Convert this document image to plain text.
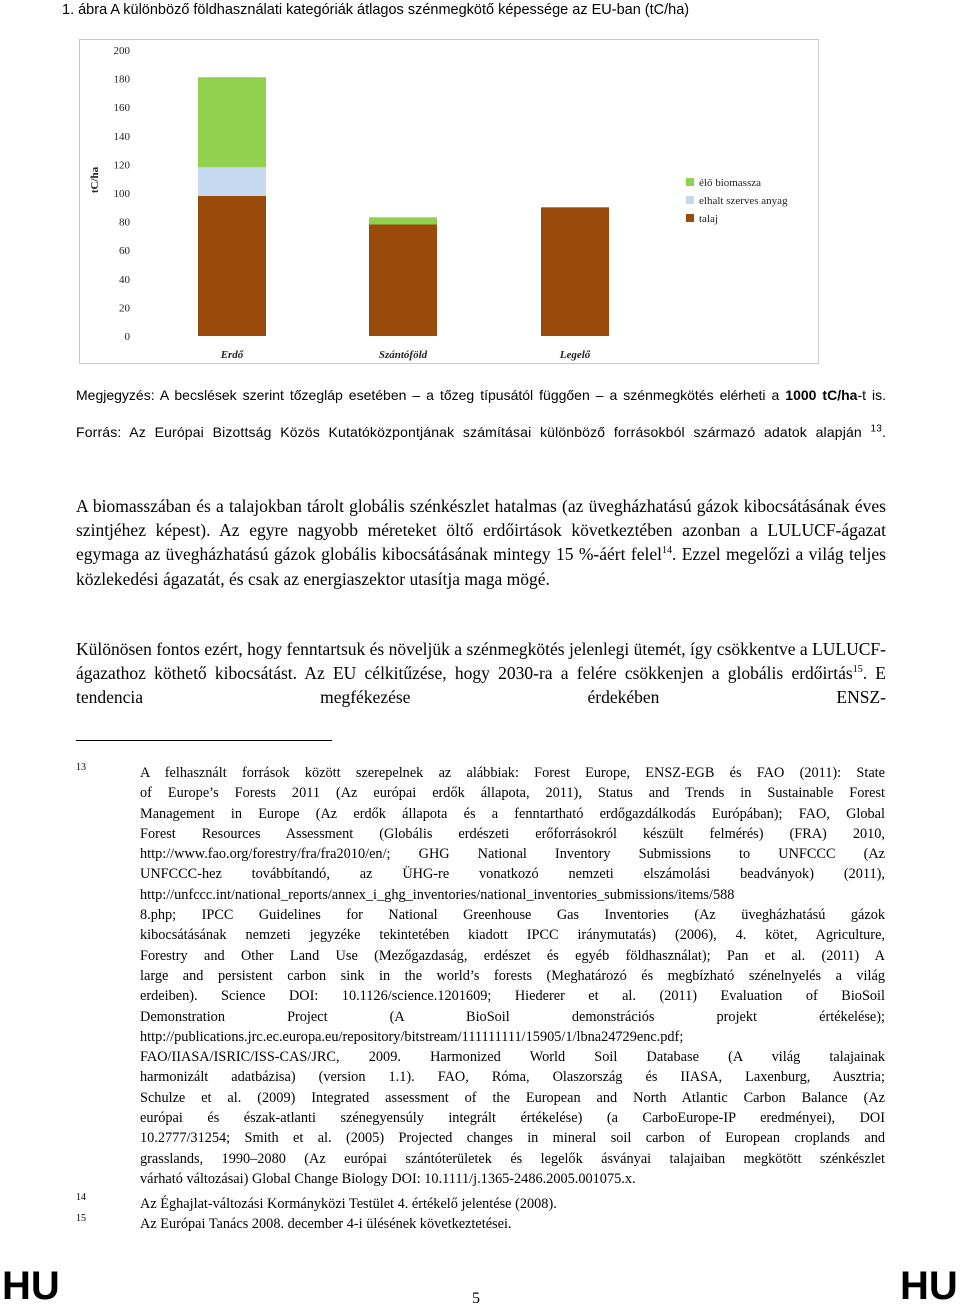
1. ábra A különböző földhasználati kategóriák átlagos szénmegkötő képessége az EU-ban (tC/ha)
tC/ha
0
20
40
60
80
100
120
140
160
180
200
Erdő	Szántóföld	Legelő
élő biomassza
elhalt szerves anyag
talaj
Megjegyzés: A becslések szerint tőzegláp esetében – a tőzeg típusától függően – a szénmegkötés elérheti a 1000 tC/ha-t is.
Forrás: Az Európai Bizottság Közös Kutatóközpontjának számításai különböző forrásokból származó adatok alapján $^{13}$.
A biomasszában és a talajokban tárolt globális szénkészlet hatalmas (az üvegházhatású gázok kibocsátásának éves szintjéhez képest). Az egyre nagyobb méreteket öltő erdőirtások következtében azonban a LULUCF-ágazat egymaga az üvegházhatású gázok globális kibocsátásának mintegy 15 %-áért felel$^{14}$. Ezzel megelőzi a világ teljes közlekedési ágazatát, és csak az energiaszektor utasítja maga mögé.
Különösen fontos ezért, hogy fenntartsuk és növeljük a szénmegkötés jelenlegi ütemét, így csökkentve a LULUCF-ágazathoz köthető kibocsátást. Az EU célkitűzése, hogy 2030-ra a felére csökkenjen a globális erdőirtás$^{15}$. E tendencia megfékezése érdekében ENSZ-
13	A felhasznált források között szerepelnek az alábbiak: Forest Europe, ENSZ-EGB és FAO (2011): State
of Europe’s Forests 2011 (Az európai erdők állapota, 2011), Status and Trends in Sustainable Forest
Management in Europe (Az erdők állapota és a fenntartható erdőgazdálkodás Európában); FAO, Global
Forest Resources Assessment (Globális erdészeti erőforrásokról készült felmérés) (FRA) 2010,
http://www.fao.org/forestry/fra/fra2010/en/; GHG National Inventory Submissions to UNFCCC (Az
UNFCCC-hez továbbítandó, az ÜHG-re vonatkozó nemzeti elszámolási beadványok) (2011),
http://unfccc.int/national_reports/annex_i_ghg_inventories/national_inventories_submissions/items/588
8.php; IPCC Guidelines for National Greenhouse Gas Inventories (Az üvegházhatású gázok
kibocsátásának nemzeti jegyzéke tekintetében kiadott IPCC iránymutatás) (2006), 4. kötet, Agriculture,
Forestry and Other Land Use (Mezőgazdaság, erdészet és egyéb földhasználat); Pan et al. (2011) A
large and persistent carbon sink in the world’s forests (Meghatározó és megbízható szénelnyelés a világ
erdeiben). Science DOI: 10.1126/science.1201609; Hiederer et al. (2011) Evaluation of BioSoil
Demonstration Project (A BioSoil demonstrációs projekt értékelése);
http://publications.jrc.ec.europa.eu/repository/bitstream/111111111/15905/1/lbna24729enc.pdf;
FAO/IIASA/ISRIC/ISS-CAS/JRC, 2009. Harmonized World Soil Database (A világ talajainak
harmonizált adatbázisa) (version 1.1). FAO, Róma, Olaszország és IIASA, Laxenburg, Ausztria;
Schulze et al. (2009) Integrated assessment of the European and North Atlantic Carbon Balance (Az
európai és észak-atlanti szénegyensúly integrált értékelése) (a CarboEurope-IP eredményei), DOI
10.2777/31254; Smith et al. (2005) Projected changes in mineral soil carbon of European croplands and
grasslands, 1990–2080 (Az európai szántóterületek és legelők ásványai talajaiban megkötött szénkészlet
várható változásai) Global Change Biology DOI: 10.1111/j.1365-2486.2005.001075.x.
14	Az Éghajlat-változási Kormányközi Testület 4. értékelő jelentése (2008).
15	Az Európai Tanács 2008. december 4-i ülésének következtetései.
HU	5	HU
